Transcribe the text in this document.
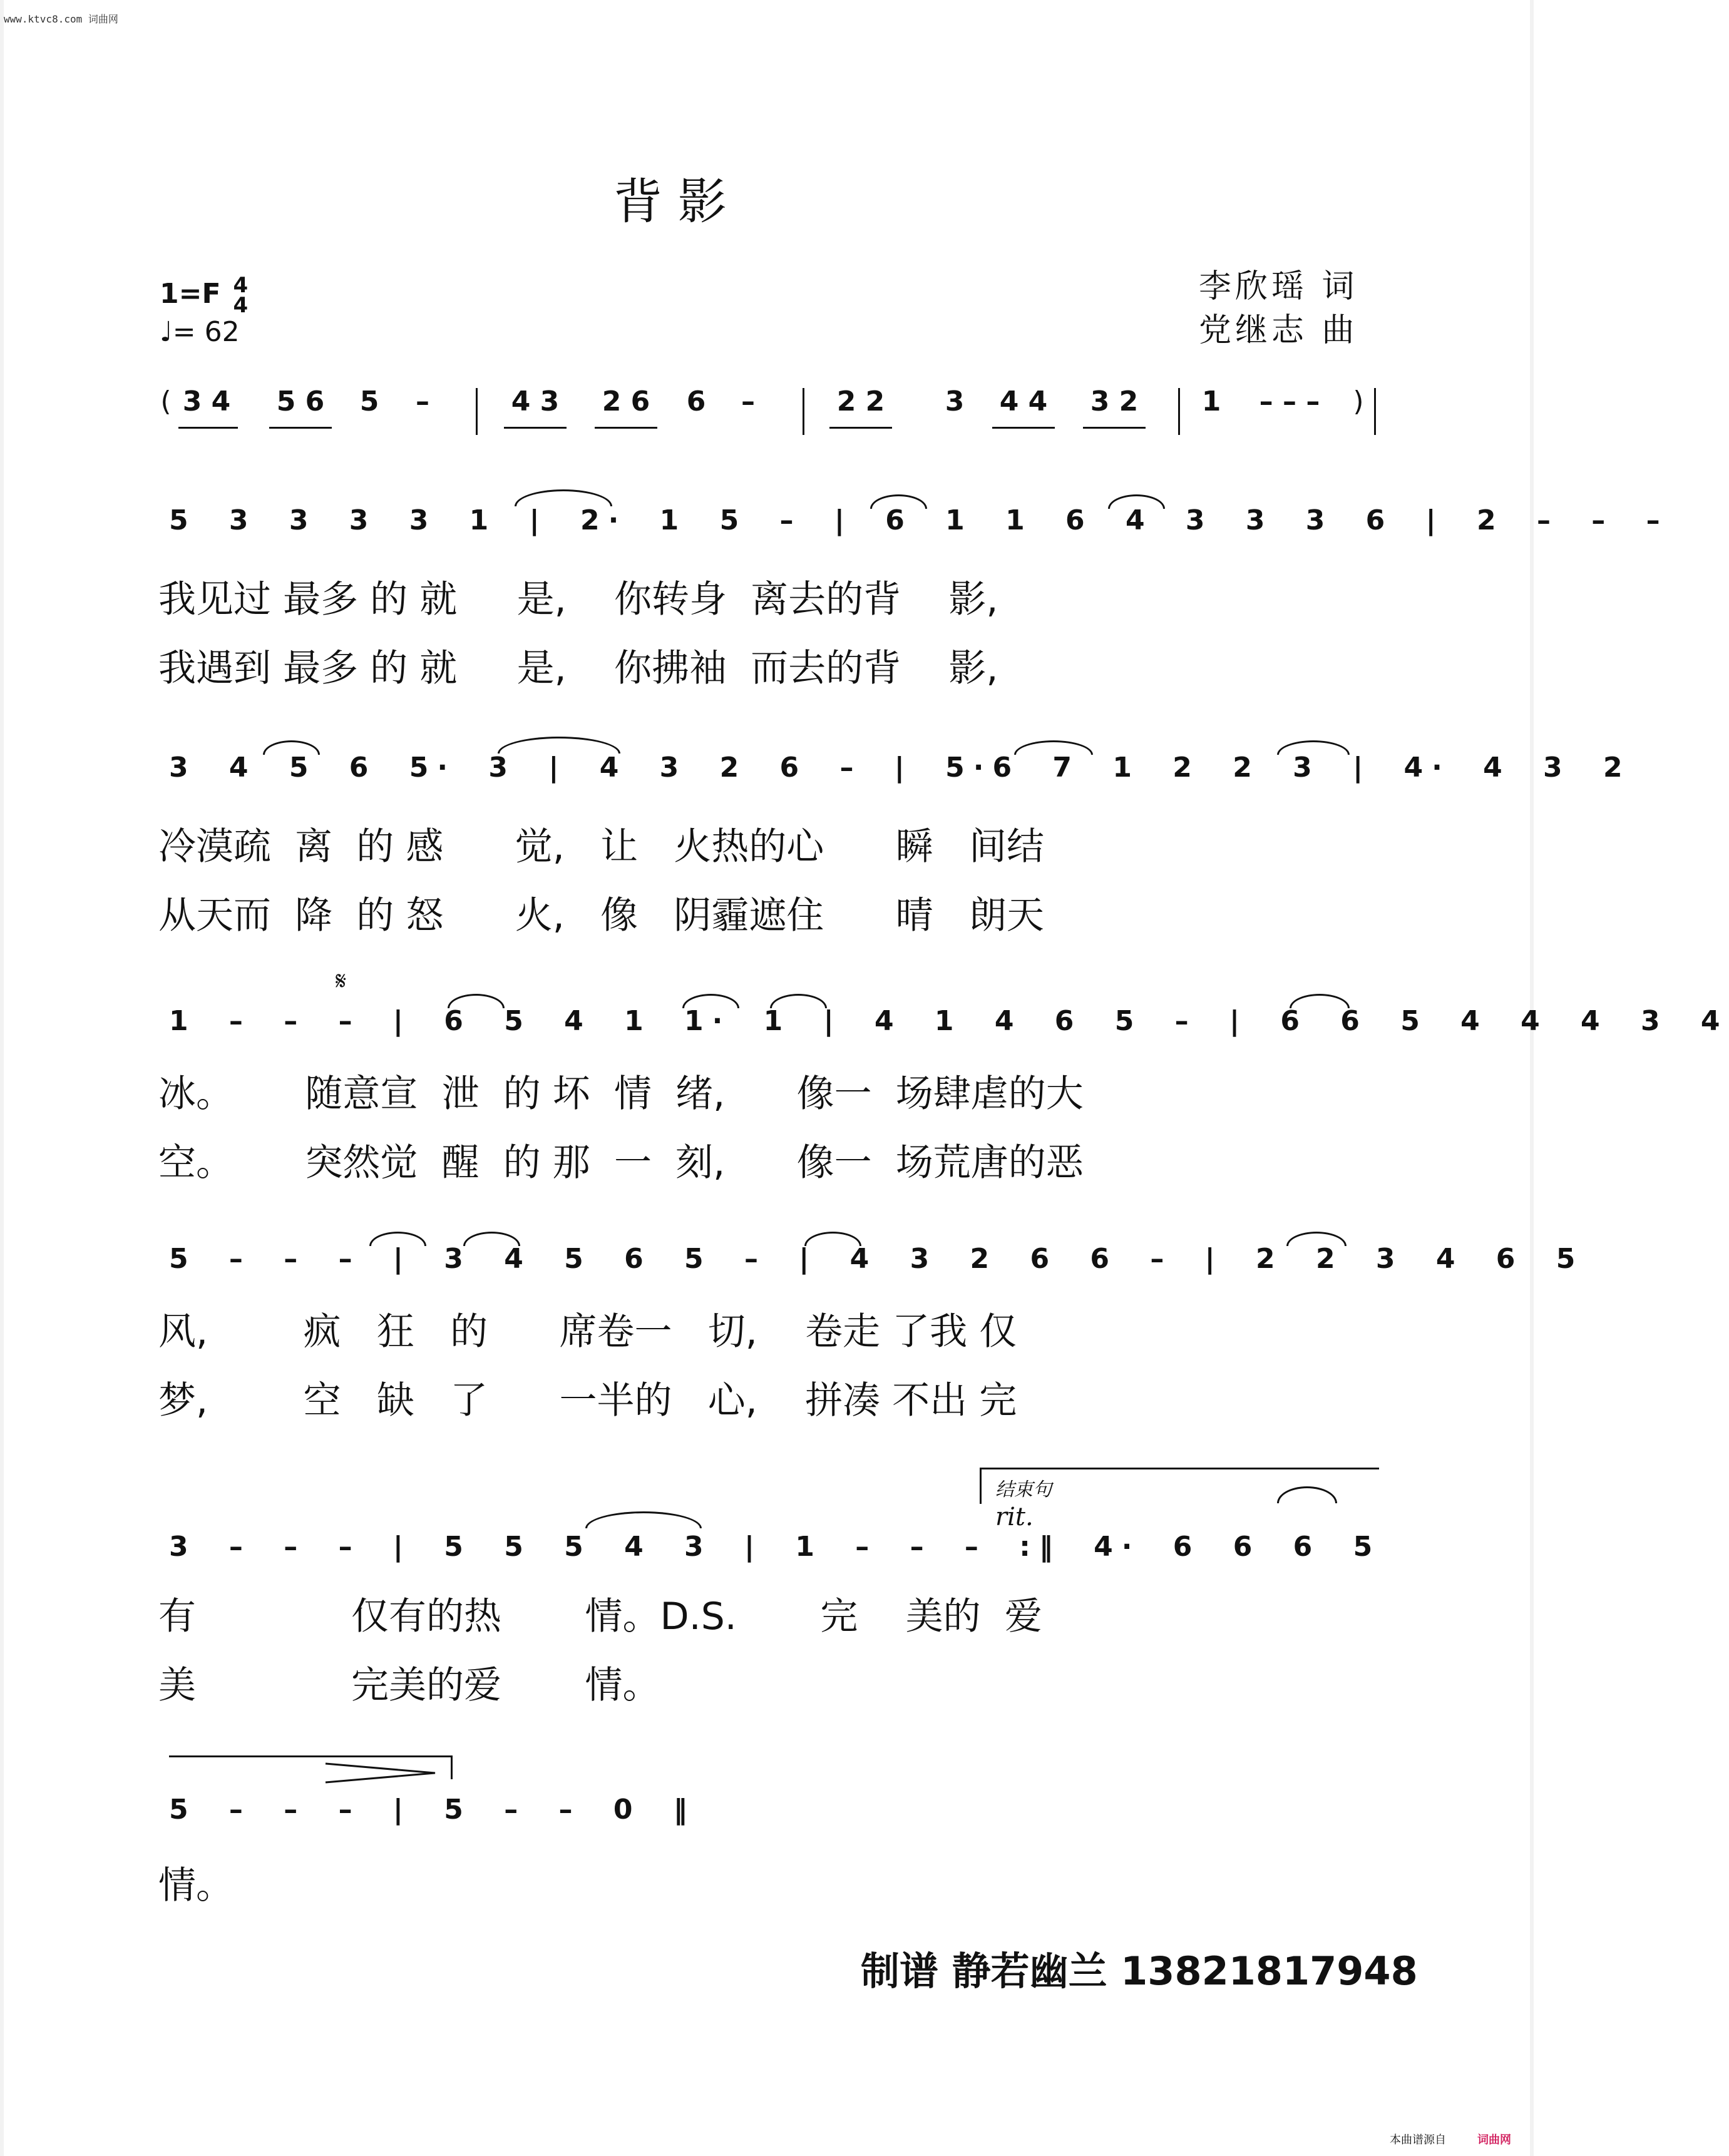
www.ktvc8.com 词曲网
背 影
1=F 4
4
♩= 62
李欣瑶 词
党继志 曲
( 3 4 5 6 5 –	4 3 2 6 6 –	2 2 3 4 4 3 2 1 – – – )
5 3 3 3 3 1 | 2· 1 5 – | 6 1 1 6 4 3 3 3 6 | 2 – – –
我见过 最多 的 就     是,    你转身  离去的背    影,
我遇到 最多 的 就     是,    你拂袖  而去的背    影,
3 4 5 6 5· 3 | 4 3 2 6 – | 5·6 7 1 2 2 3 | 4· 4 3 2
冷漠疏  离  的 感      觉,   让   火热的心      瞬   间结
从天而  降  的 怒      火,   像   阴霾遮住      晴   朗天
𝄋
1 – – – | 6 5 4 1 1· 1 | 4 1 4 6 5 – | 6 6 5 4 4 4 3 4
冰。      随意宣  泄  的 坏  情  绪,      像一  场肆虐的大
空。      突然觉  醒  的 那  一  刻,      像一  场荒唐的恶
5 – – – | 3 4 5 6 5 – | 4 3 2 6 6 – | 2 2 3 4 6 5
风,        疯   狂   的      席卷一   切,    卷走 了我 仅
梦,        空   缺   了      一半的   心,    拼凑 不出 完
结束句
rit.
3 – – – | 5 5 5 4 3 | 1 – – – :‖ 4· 6 6 6 5
有             仅有的热       情。D.S.       完    美的  爱
美             完美的爱       情。
5 – – – | 5 – – 0 ‖
情。
制谱 静若幽兰 13821817948
本曲谱源自	词曲网
